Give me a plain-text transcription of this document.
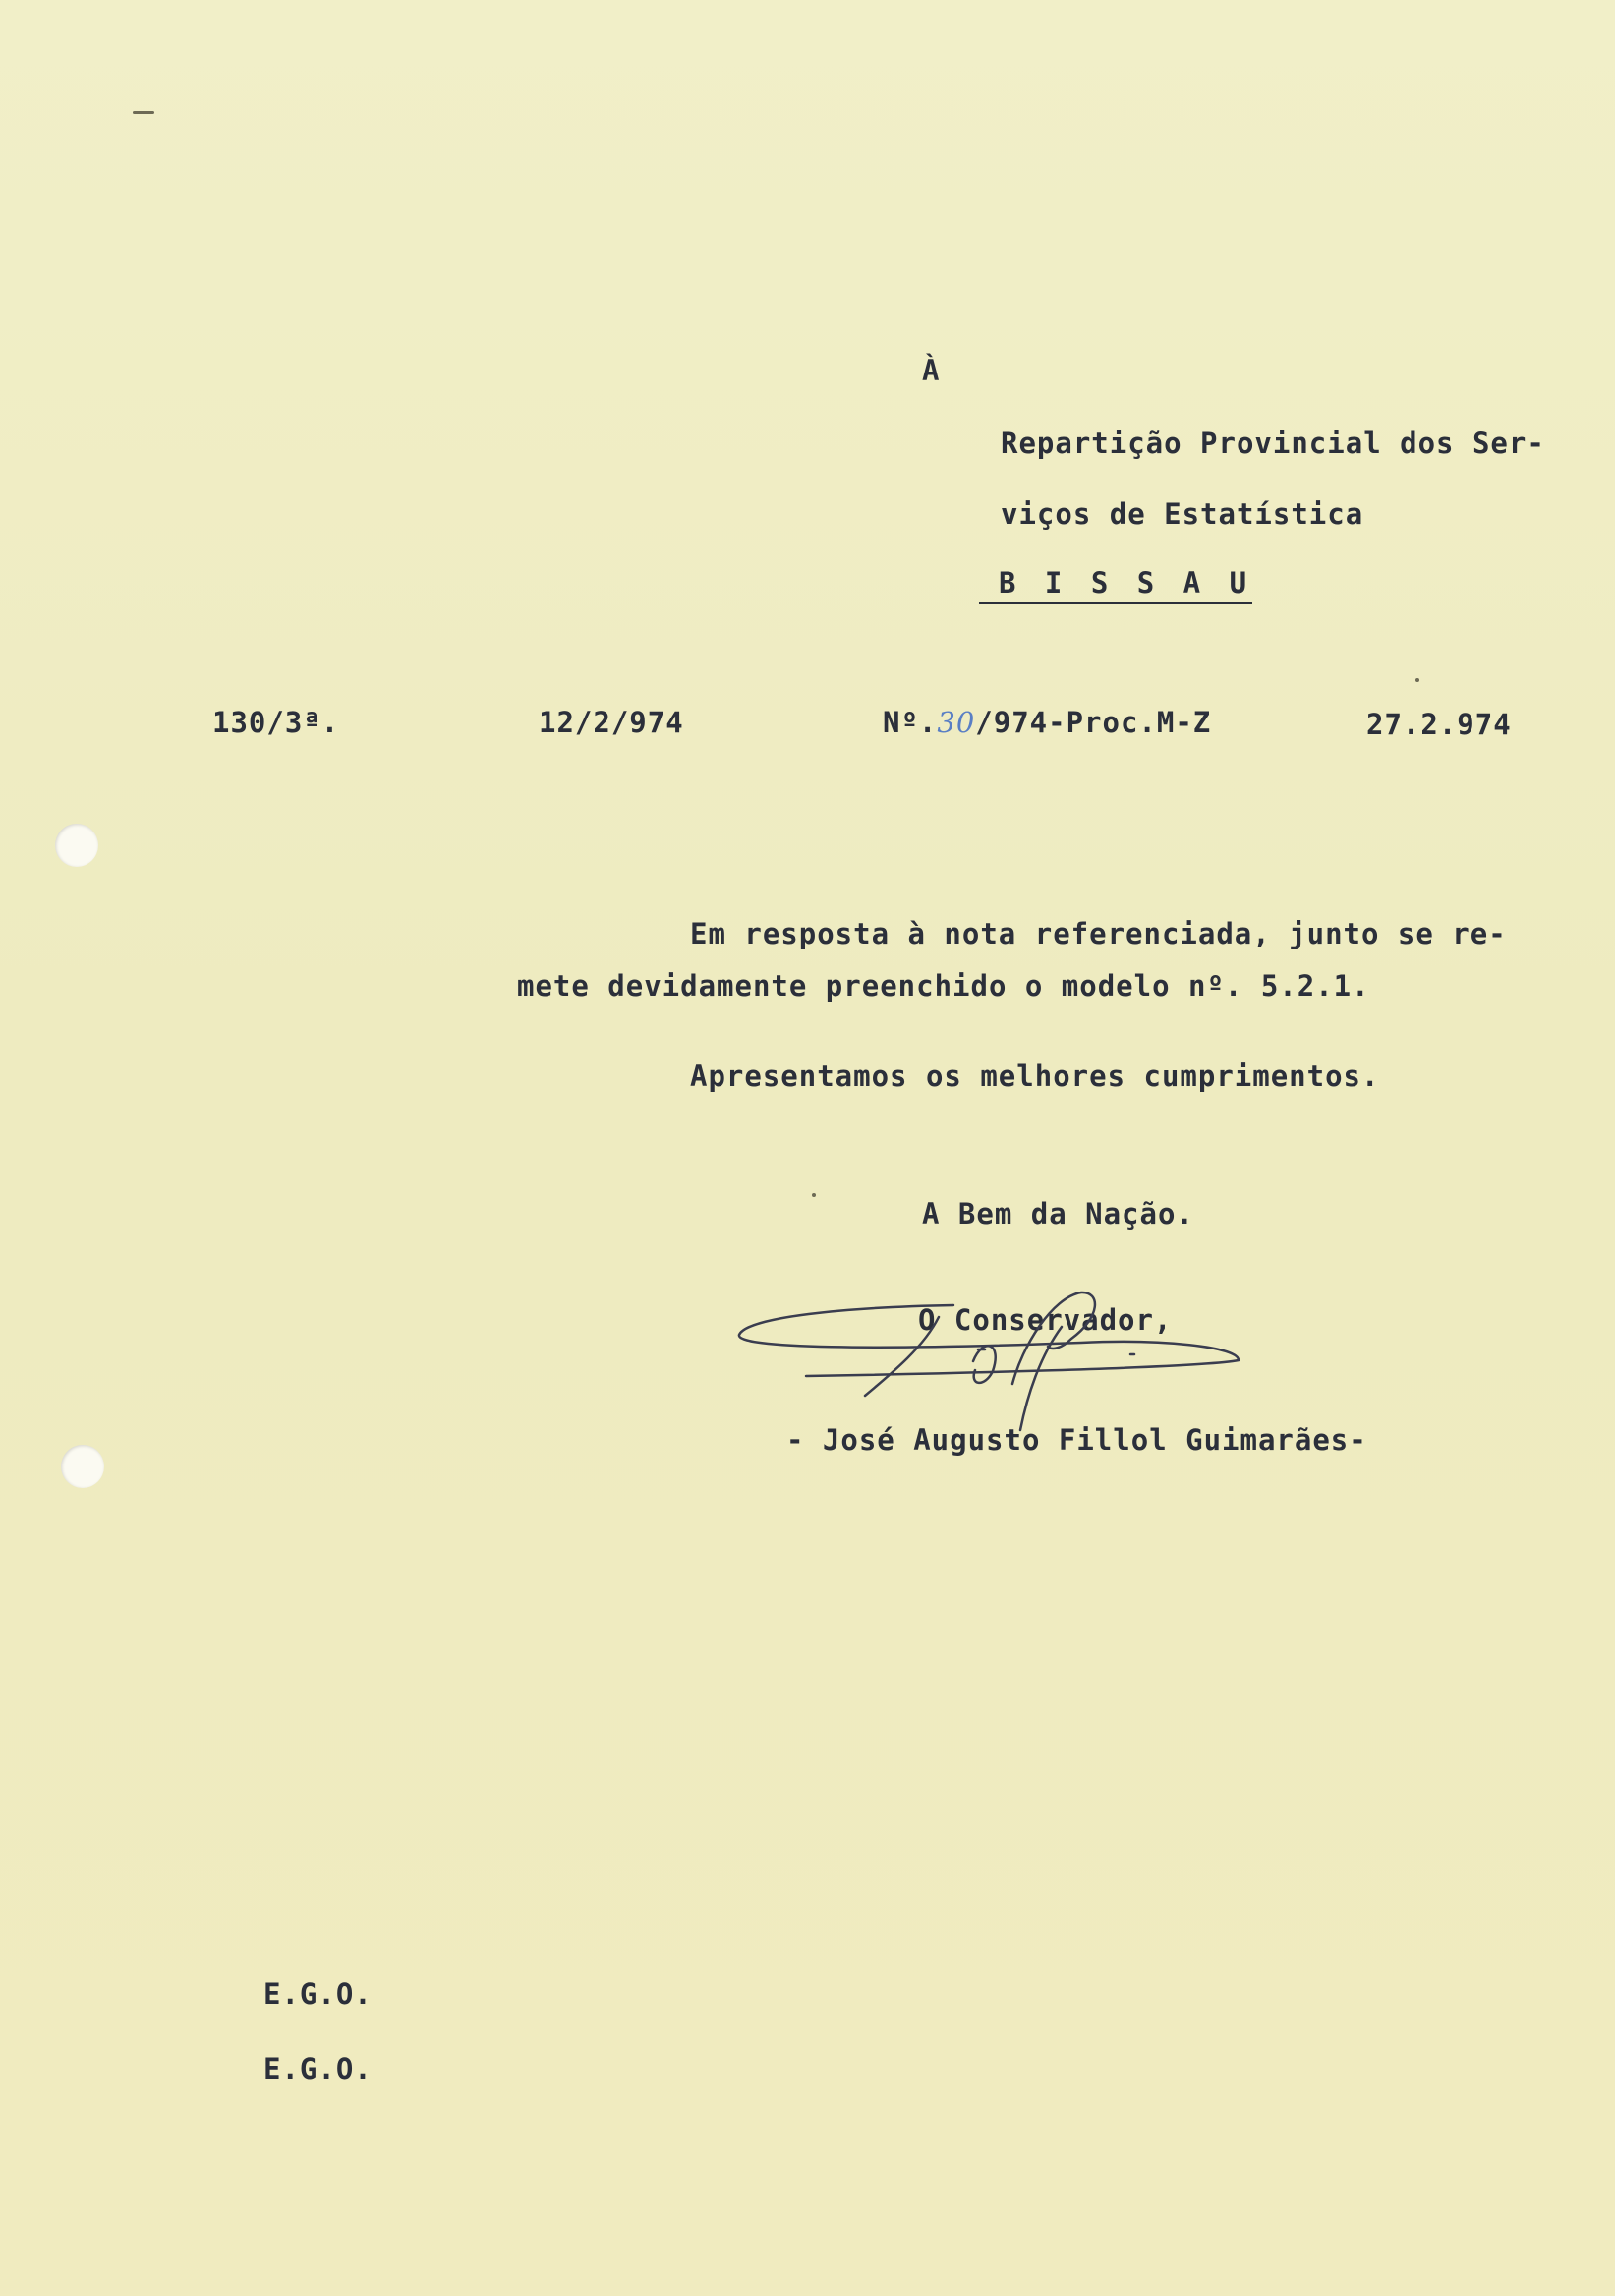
À
Repartição Provincial dos Ser-
viços de Estatística
B I S S A U
130/3ª.	12/2/974	Nº.30/974-Proc.M-Z	27.2.974
Em resposta à nota referenciada, junto se re-
mete devidamente preenchido o modelo nº. 5.2.1.
Apresentamos os melhores cumprimentos.
A Bem da Nação.
O Conservador,
- José Augusto Fillol Guimarães-
E.G.O.
E.G.O.
